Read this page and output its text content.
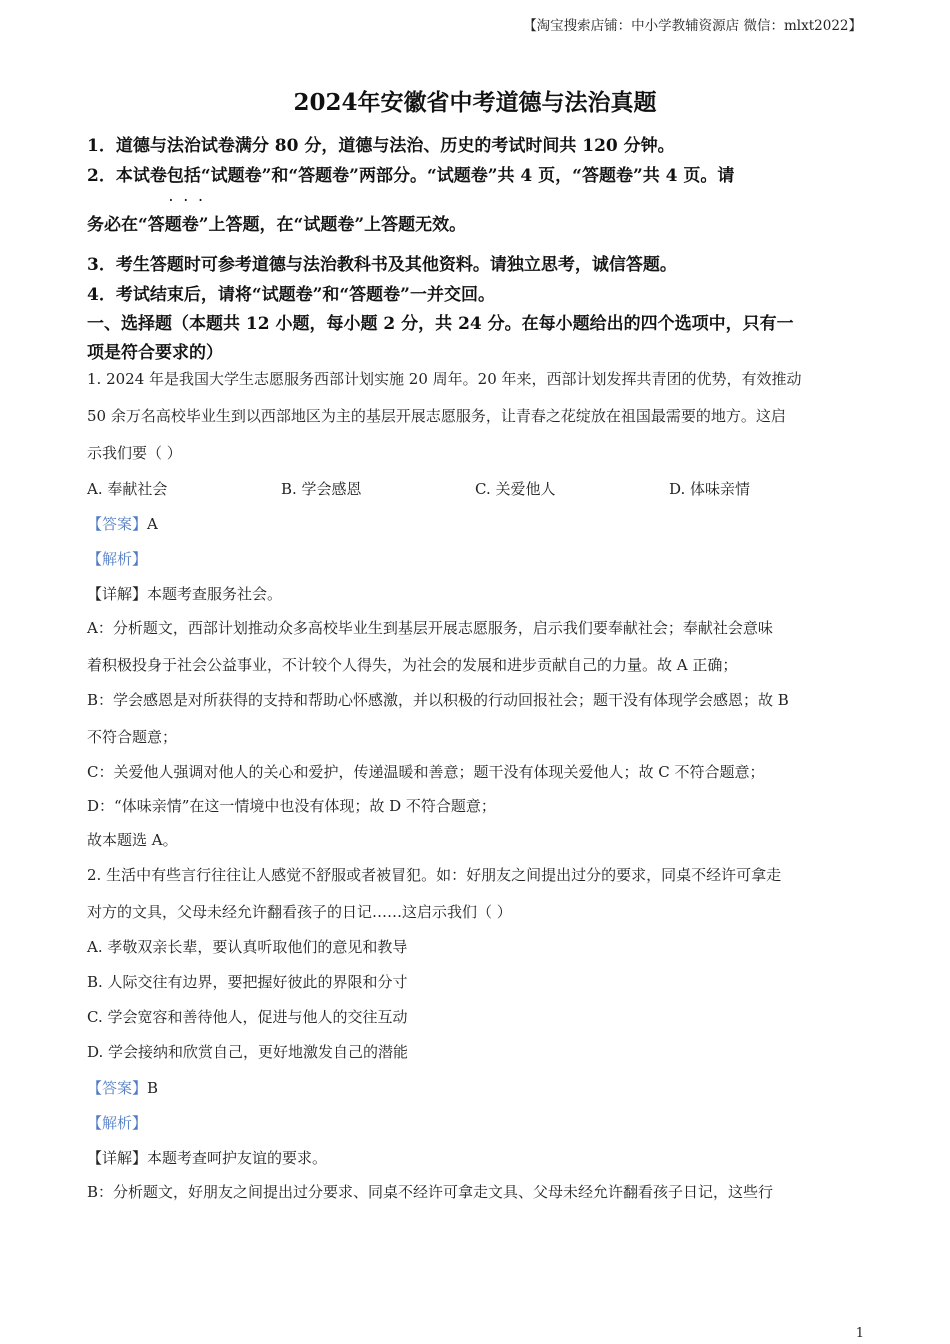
【淘宝搜索店铺：中小学教辅资源店 微信：mlxt2022】
2024年安徽省中考道德与法治真题
1．道德与法治试卷满分 80 分，道德与法治、历史的考试时间共 120 分钟。
2．本试卷包括“试题卷”和“答题卷”两部分。“试题卷”共 4 页，“答题卷”共 4 页。请
···
务必在“答题卷”上答题，在“试题卷”上答题无效。
3．考生答题时可参考道德与法治教科书及其他资料。请独立思考，诚信答题。
4．考试结束后，请将“试题卷”和“答题卷”一并交回。
一、选择题（本题共 12 小题，每小题 2 分，共 24 分。在每小题给出的四个选项中，只有一
项是符合要求的）
1. 2024 年是我国大学生志愿服务西部计划实施 20 周年。20 年来，西部计划发挥共青团的优势，有效推动
50 余万名高校毕业生到以西部地区为主的基层开展志愿服务，让青春之花绽放在祖国最需要的地方。这启
示我们要（ ）
A. 奉献社会	B. 学会感恩	C. 关爱他人	D. 体味亲情
【答案】A
【解析】
【详解】本题考查服务社会。
A：分析题文，西部计划推动众多高校毕业生到基层开展志愿服务，启示我们要奉献社会；奉献社会意味
着积极投身于社会公益事业，不计较个人得失，为社会的发展和进步贡献自己的力量。故 A 正确；
B：学会感恩是对所获得的支持和帮助心怀感激，并以积极的行动回报社会；题干没有体现学会感恩；故 B
不符合题意；
C：关爱他人强调对他人的关心和爱护，传递温暖和善意；题干没有体现关爱他人；故 C 不符合题意；
D：“体味亲情”在这一情境中也没有体现；故 D 不符合题意；
故本题选 A。
2. 生活中有些言行往往让人感觉不舒服或者被冒犯。如：好朋友之间提出过分的要求，同桌不经许可拿走
对方的文具，父母未经允许翻看孩子的日记……这启示我们（ ）
A. 孝敬双亲长辈，要认真听取他们的意见和教导
B. 人际交往有边界，要把握好彼此的界限和分寸
C. 学会宽容和善待他人，促进与他人的交往互动
D. 学会接纳和欣赏自己，更好地激发自己的潜能
【答案】B
【解析】
【详解】本题考查呵护友谊的要求。
B：分析题文，好朋友之间提出过分要求、同桌不经许可拿走文具、父母未经允许翻看孩子日记，这些行
1
